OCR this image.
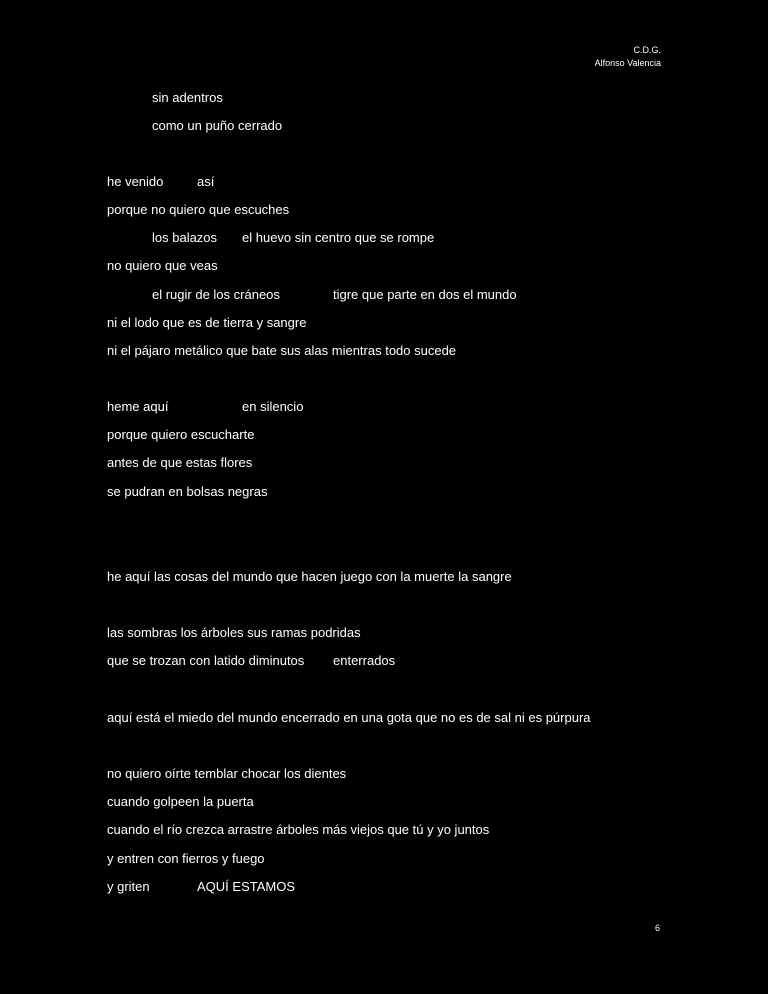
C.D.G.
Alfonso Valencia
sin adentros
como un puño cerrado
he venido	así
porque no quiero que escuches
los balazos el huevo sin centro que se rompe
no quiero que veas
el rugir de los cráneos	tigre que parte en dos el mundo
ni el lodo que es de tierra y sangre
ni el pájaro metálico que bate sus alas mientras todo sucede
heme aquí	en silencio
porque quiero escucharte
antes de que estas flores
se pudran en bolsas negras
he aquí las cosas del mundo que hacen juego con la muerte la sangre
las sombras los árboles sus ramas podridas
que se trozan con latido diminutos enterrados
aquí está el miedo del mundo encerrado en una gota que no es de sal ni es púrpura
no quiero oírte temblar chocar los dientes
cuando golpeen la puerta
cuando el río crezca arrastre árboles más viejos que tú y yo juntos
y entren con fierros y fuego
y griten	AQUÍ ESTAMOS
6
